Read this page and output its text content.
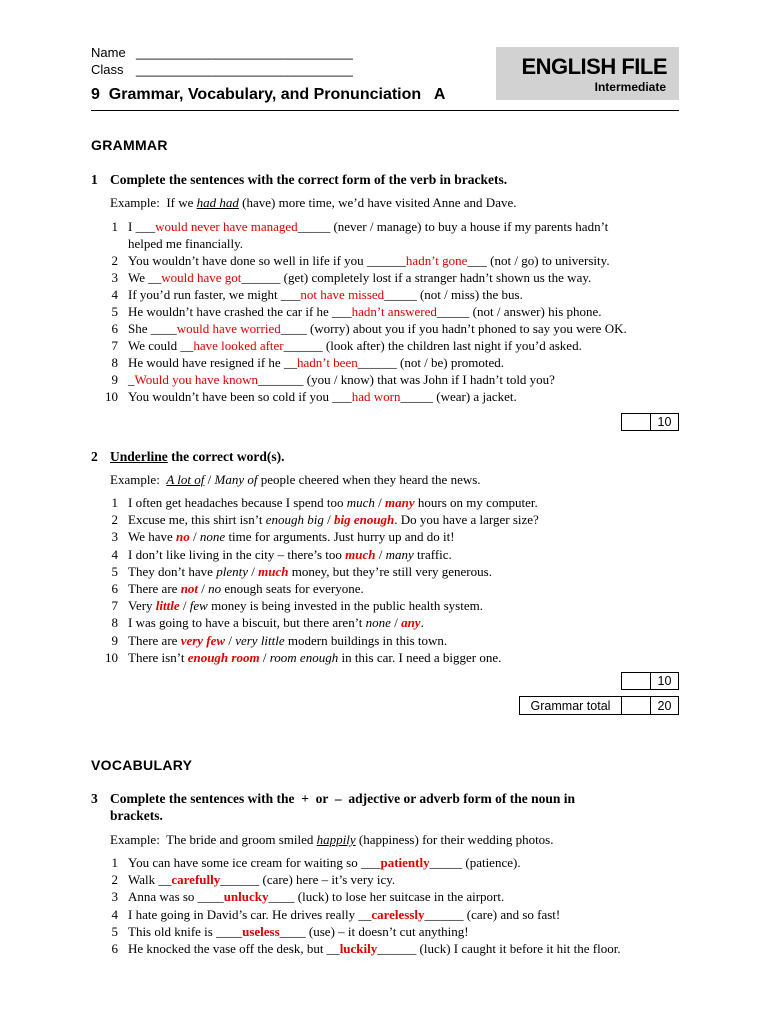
Name ______________________________
Class ______________________________
9  Grammar, Vocabulary, and Pronunciation   A
ENGLISH FILE
Intermediate
GRAMMAR
1 Complete the sentences with the correct form of the verb in brackets.
Example:  If we had had (have) more time, we’d have visited Anne and Dave.
1 I ___would never have managed_____ (never / manage) to buy a house if my parents hadn’t
helped me financially.
2 You wouldn’t have done so well in life if you ______hadn’t gone___ (not / go) to university.
3 We __would have got______ (get) completely lost if a stranger hadn’t shown us the way.
4 If you’d run faster, we might ___not have missed_____ (not / miss) the bus.
5 He wouldn’t have crashed the car if he ___hadn’t answered_____ (not / answer) his phone.
6 She ____would have worried____ (worry) about you if you hadn’t phoned to say you were OK.
7 We could __have looked after______ (look after) the children last night if you’d asked.
8 He would have resigned if he __hadn’t been______ (not / be) promoted.
9 _Would you have known_______ (you / know) that was John if I hadn’t told you?
10 You wouldn’t have been so cold if you ___had worn_____ (wear) a jacket.
10
2 Underline the correct word(s).
Example:  A lot of / Many of people cheered when they heard the news.
1 I often get headaches because I spend too much / many hours on my computer.
2 Excuse me, this shirt isn’t enough big / big enough. Do you have a larger size?
3 We have no / none time for arguments. Just hurry up and do it!
4 I don’t like living in the city – there’s too much / many traffic.
5 They don’t have plenty / much money, but they’re still very generous.
6 There are not / no enough seats for everyone.
7 Very little / few money is being invested in the public health system.
8 I was going to have a biscuit, but there aren’t none / any.
9 There are very few / very little modern buildings in this town.
10 There isn’t enough room / room enough in this car. I need a bigger one.
10
Grammar total	20
VOCABULARY
3 Complete the sentences with the  +  or  –  adjective or adverb form of the noun in
brackets.
Example:  The bride and groom smiled happily (happiness) for their wedding photos.
1 You can have some ice cream for waiting so ___patiently_____ (patience).
2 Walk __carefully______ (care) here – it’s very icy.
3 Anna was so ____unlucky____ (luck) to lose her suitcase in the airport.
4 I hate going in David’s car. He drives really __carelessly______ (care) and so fast!
5 This old knife is ____useless____ (use) – it doesn’t cut anything!
6 He knocked the vase off the desk, but __luckily______ (luck) I caught it before it hit the floor.
